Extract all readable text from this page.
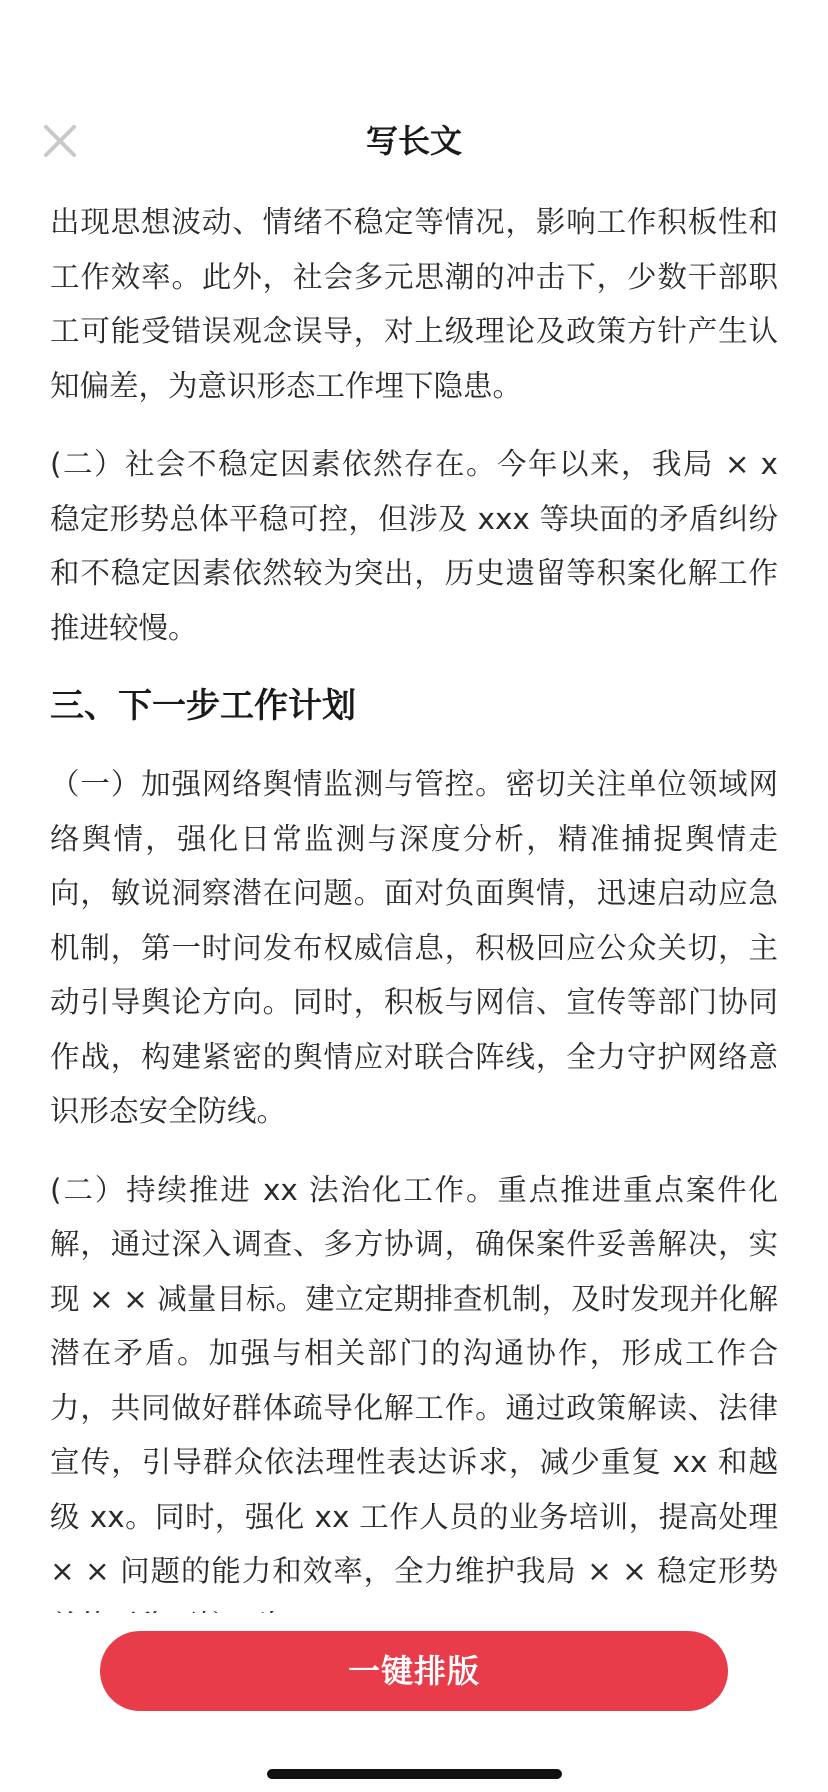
写长文

出现思想波动、情绪不稳定等情况，影响工作积板性和工作效率。此外，社会多元思潮的冲击下，少数干部职工可能受错误观念误导，对上级理论及政策方针产生认知偏差，为意识形态工作埋下隐患。

(二）社会不稳定因素依然存在。今年以来，我局 × x 稳定形势总体平稳可控，但涉及 xxx 等块面的矛盾纠纷和不稳定因素依然较为突出，历史遗留等积案化解工作推进较慢。

三、下一步工作计划

（一）加强网络舆情监测与管控。密切关注单位领域网络舆情，强化日常监测与深度分析，精准捕捉舆情走向，敏说洞察潜在问题。面对负面舆情，迅速启动应急机制，第一时问发布权威信息，积极回应公众关切，主动引导舆论方向。同时，积板与网信、宣传等部门协同作战，构建紧密的舆情应对联合阵线，全力守护网络意识形态安全防线。

(二）持续推进 xx 法治化工作。重点推进重点案件化解，通过深入调查、多方协调，确保案件妥善解决，实现 × × 减量目标。建立定期排查机制，及时发现并化解潜在矛盾。加强与相关部门的沟通协作，形成工作合力，共同做好群体疏导化解工作。通过政策解读、法律宣传，引导群众依法理性表达诉求，减少重复 xx 和越级 xx。同时，强化 xx 工作人员的业务培训，提高处理 × × 问题的能力和效率，全力维护我局 × × 稳定形势

一键排版
